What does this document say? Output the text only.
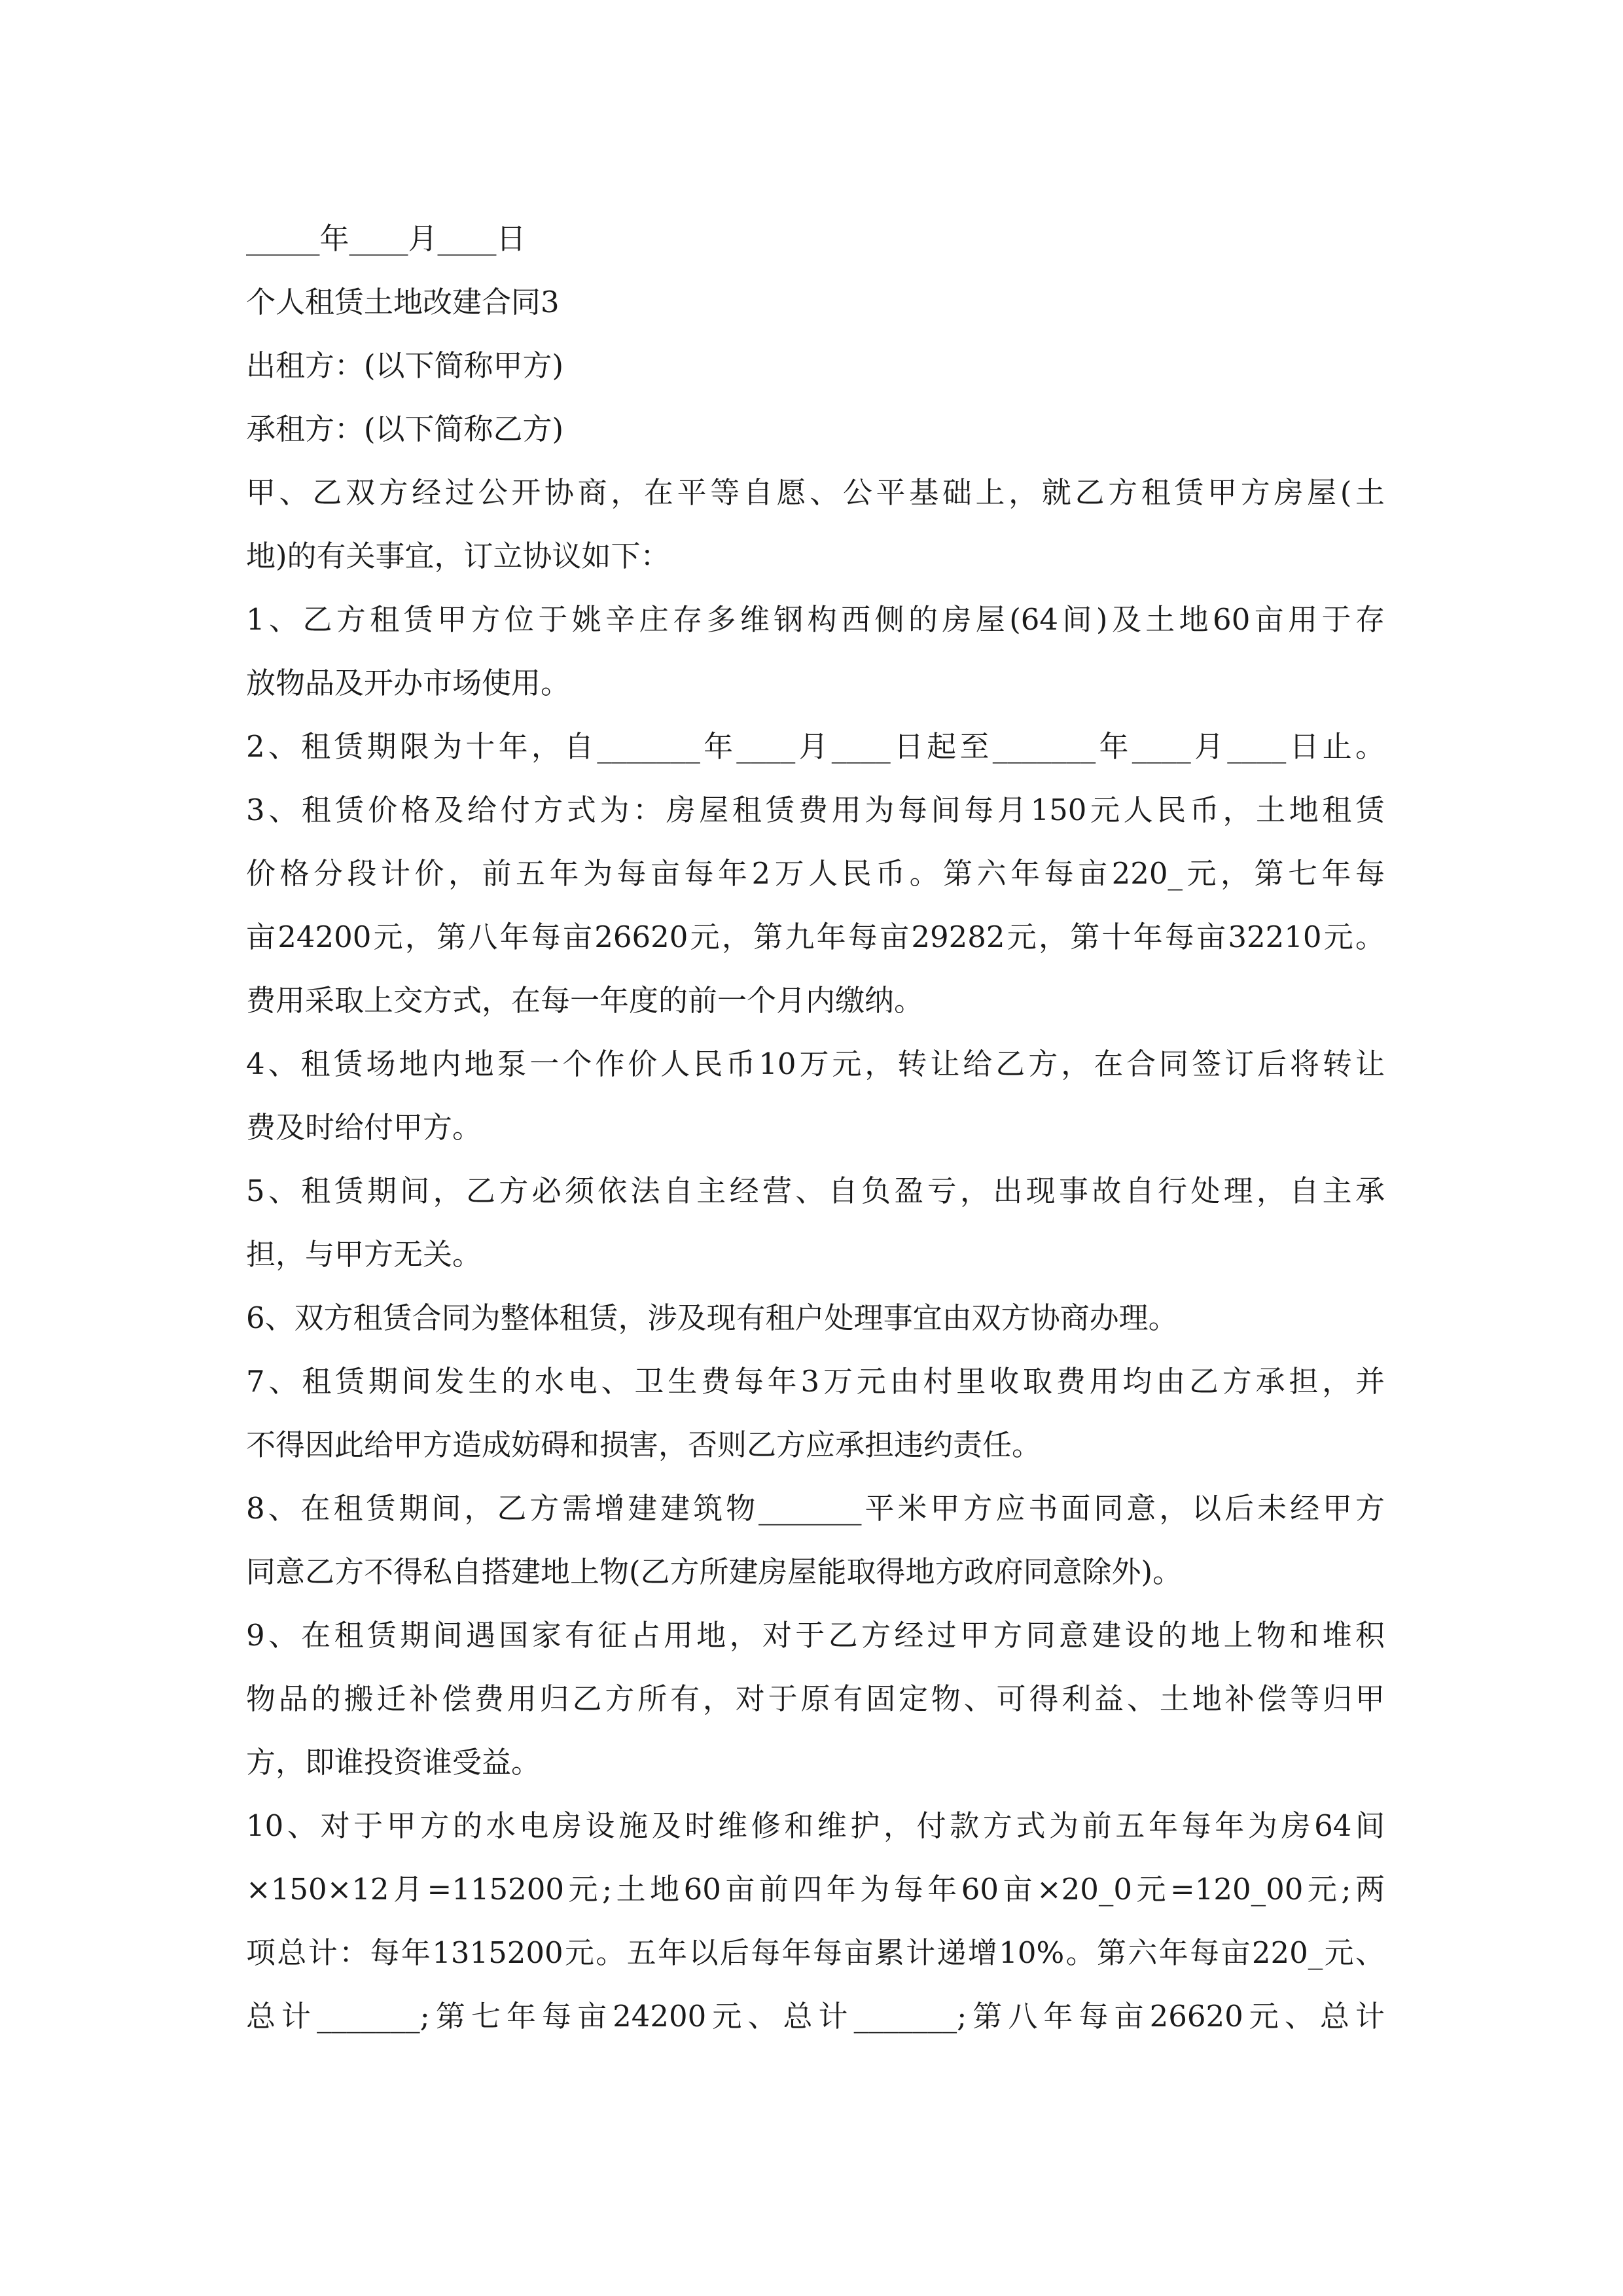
_____年____月____日
个人租赁土地改建合同3
出租方：(以下简称甲方)
承租方：(以下简称乙方)
甲、乙双方经过公开协商，在平等自愿、公平基础上，就乙方租赁甲方房屋(土
地)的有关事宜，订立协议如下：
1、乙方租赁甲方位于姚辛庄存多维钢构西侧的房屋(64间)及土地60亩用于存
放物品及开办市场使用。
2、租赁期限为十年，自_______年____月____日起至_______年____月____日止。
3、租赁价格及给付方式为：房屋租赁费用为每间每月150元人民币，土地租赁
价格分段计价，前五年为每亩每年2万人民币。第六年每亩220_元，第七年每
亩24200元，第八年每亩26620元，第九年每亩29282元，第十年每亩32210元。
费用采取上交方式，在每一年度的前一个月内缴纳。
4、租赁场地内地泵一个作价人民币10万元，转让给乙方，在合同签订后将转让
费及时给付甲方。
5、租赁期间，乙方必须依法自主经营、自负盈亏，出现事故自行处理，自主承
担，与甲方无关。
6、双方租赁合同为整体租赁，涉及现有租户处理事宜由双方协商办理。
7、租赁期间发生的水电、卫生费每年3万元由村里收取费用均由乙方承担，并
不得因此给甲方造成妨碍和损害，否则乙方应承担违约责任。
8、在租赁期间，乙方需增建建筑物_______平米甲方应书面同意，以后未经甲方
同意乙方不得私自搭建地上物(乙方所建房屋能取得地方政府同意除外)。
9、在租赁期间遇国家有征占用地，对于乙方经过甲方同意建设的地上物和堆积
物品的搬迁补偿费用归乙方所有，对于原有固定物、可得利益、土地补偿等归甲
方，即谁投资谁受益。
10、对于甲方的水电房设施及时维修和维护，付款方式为前五年每年为房64间
×150×12月=115200元;土地60亩前四年为每年60亩×20_0元=120_00元;两
项总计：每年1315200元。五年以后每年每亩累计递增10%。第六年每亩220_元、
总计_______;第七年每亩24200元、总计_______;第八年每亩26620元、总计
